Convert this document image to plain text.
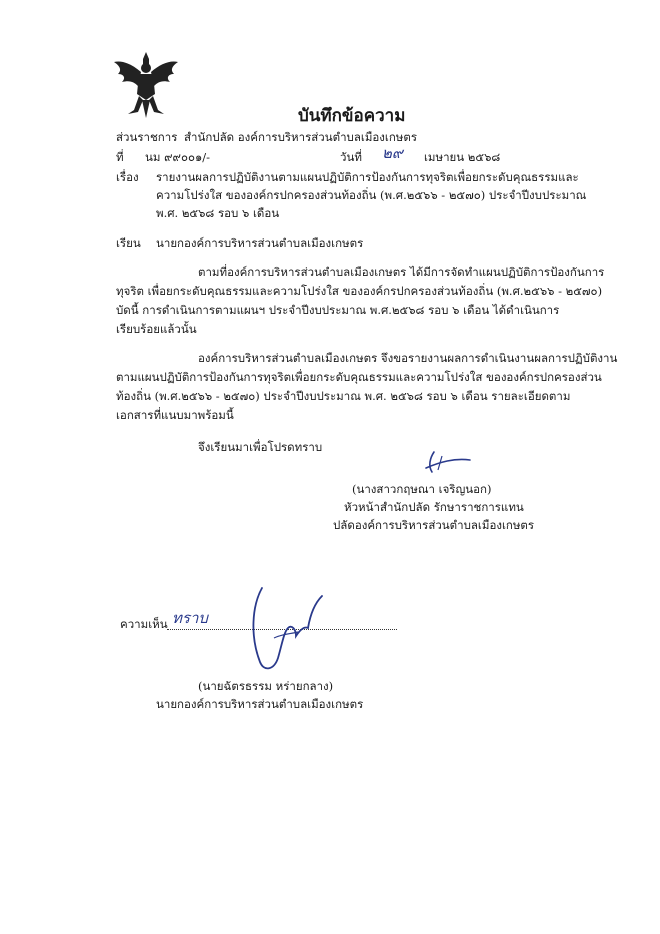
บันทึกข้อความ
ส่วนราชการ สำนักปลัด องค์การบริหารส่วนตำบลเมืองเกษตร
ที่ นม ๙๙๐๐๑/-	วันที่ ๒๙ เมษายน ๒๕๖๘
เรื่อง รายงานผลการปฏิบัติงานตามแผนปฏิบัติการป้องกันการทุจริตเพื่อยกระดับคุณธรรมและ
ความโปร่งใส ขององค์กรปกครองส่วนท้องถิ่น (พ.ศ.๒๕๖๖ - ๒๕๗๐) ประจำปีงบประมาณ
พ.ศ. ๒๕๖๘ รอบ ๖ เดือน
เรียน นายกองค์การบริหารส่วนตำบลเมืองเกษตร
ตามที่องค์การบริหารส่วนตำบลเมืองเกษตร ได้มีการจัดทำแผนปฏิบัติการป้องกันการ
ทุจริต เพื่อยกระดับคุณธรรมและความโปร่งใส ขององค์กรปกครองส่วนท้องถิ่น (พ.ศ.๒๕๖๖ - ๒๕๗๐)
บัดนี้ การดำเนินการตามแผนฯ ประจำปีงบประมาณ พ.ศ.๒๕๖๘ รอบ ๖ เดือน ได้ดำเนินการ
เรียบร้อยแล้วนั้น
องค์การบริหารส่วนตำบลเมืองเกษตร จึงขอรายงานผลการดำเนินงานผลการปฏิบัติงาน
ตามแผนปฏิบัติการป้องกันการทุจริตเพื่อยกระดับคุณธรรมและความโปร่งใส ขององค์กรปกครองส่วน
ท้องถิ่น (พ.ศ.๒๕๖๖ - ๒๕๗๐) ประจำปีงบประมาณ พ.ศ. ๒๕๖๘ รอบ ๖ เดือน รายละเอียดตาม
เอกสารที่แนบมาพร้อมนี้
จึงเรียนมาเพื่อโปรดทราบ
(นางสาวกฤษณา เจริญนอก)
หัวหน้าสำนักปลัด รักษาราชการแทน
ปลัดองค์การบริหารส่วนตำบลเมืองเกษตร
ความเห็น ทราบ
(นายฉัตรธรรม หร่ายกลาง)
นายกองค์การบริหารส่วนตำบลเมืองเกษตร
